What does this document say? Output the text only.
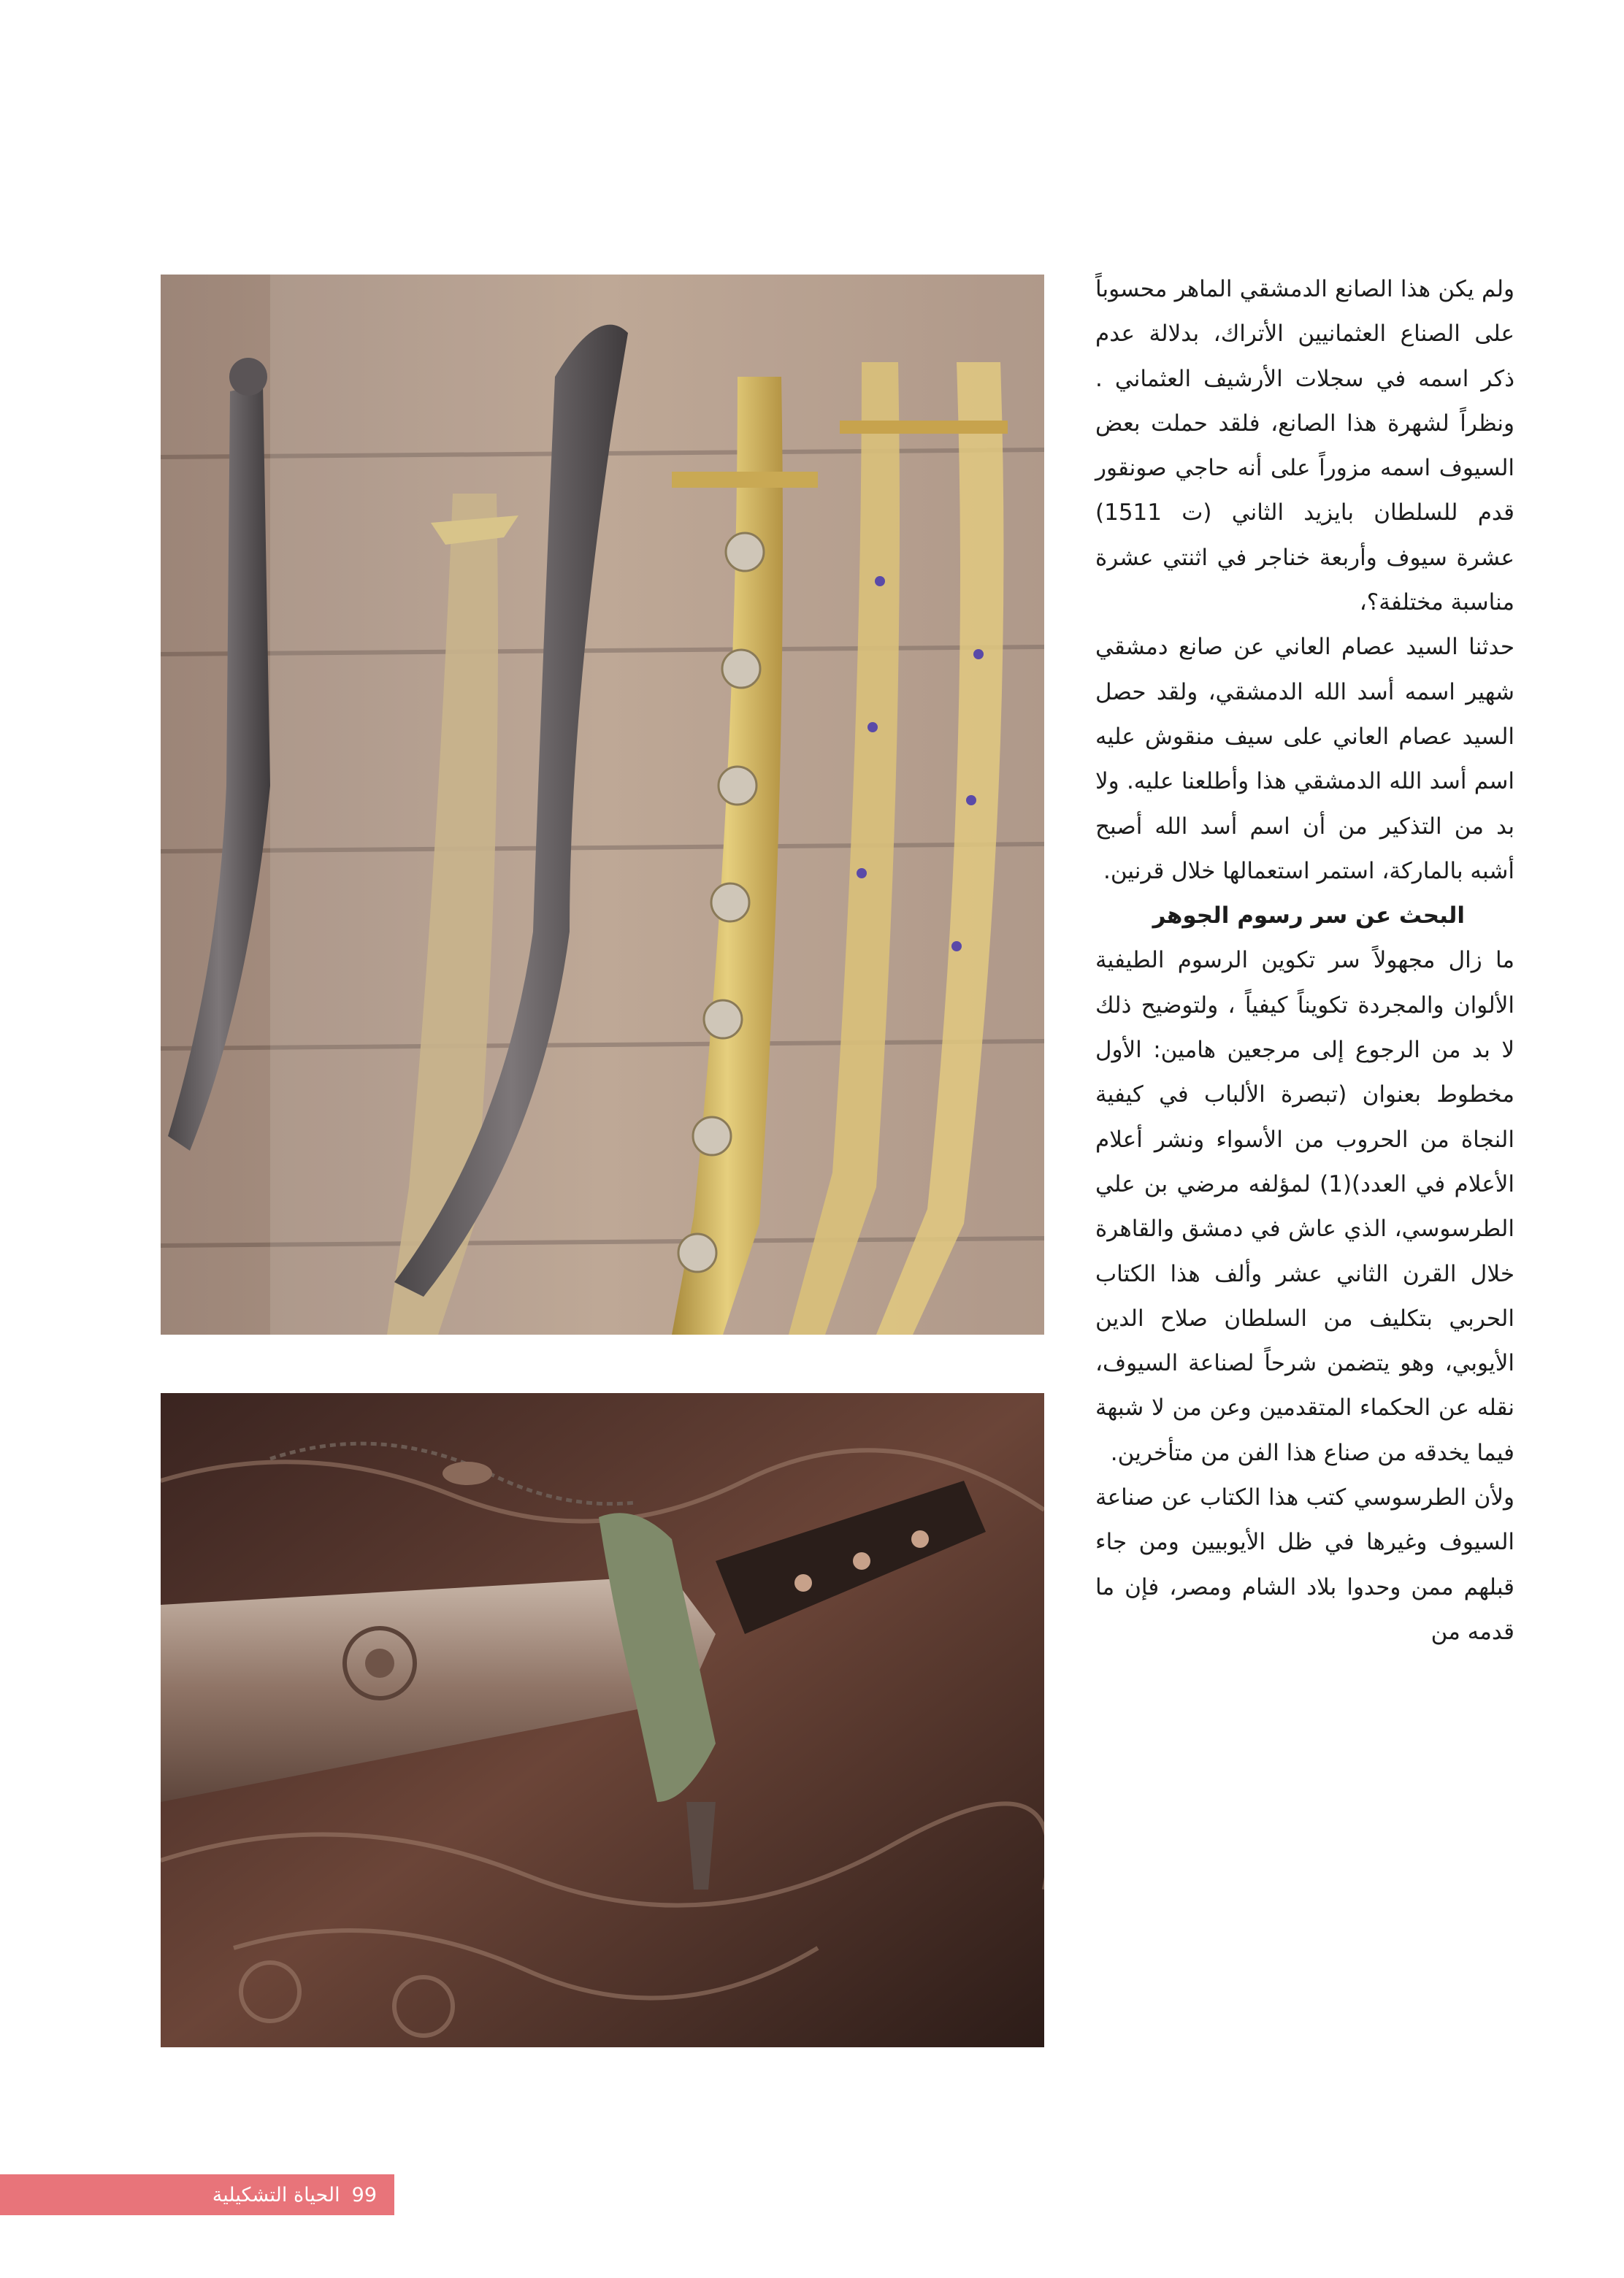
ولم يكن هذا الصانع الدمشقي الماهر محسوباً على الصناع العثمانيين الأتراك، بدلالة عدم ذكر اسمه في سجلات الأرشيف العثماني . ونظراً لشهرة هذا الصانع، فلقد حملت بعض السيوف اسمه مزوراً على أنه حاجي صونقور قدم للسلطان بايزيد الثاني (ت 1511) عشرة سيوف وأربعة خناجر في اثنتي عشرة مناسبة مختلفة؟،

حدثنا السيد عصام العاني عن صانع دمشقي شهير اسمه أسد الله الدمشقي، ولقد حصل السيد عصام العاني على سيف منقوش عليه اسم أسد الله الدمشقي هذا وأطلعنا عليه. ولا بد من التذكير من أن اسم أسد الله أصبح أشبه بالماركة، استمر استعمالها خلال قرنين.

البحث عن سر رسوم الجوهر

ما زال مجهولاً سر تكوين الرسوم الطيفية الألوان والمجردة تكويناً كيفياً ، ولتوضيح ذلك لا بد من الرجوع إلى مرجعين هامين: الأول مخطوط بعنوان (تبصرة الألباب في كيفية النجاة من الحروب من الأسواء ونشر أعلام الأعلام في العدد)(1) لمؤلفه مرضي بن علي الطرسوسي، الذي عاش في دمشق والقاهرة خلال القرن الثاني عشر وألف هذا الكتاب الحربي بتكليف من السلطان صلاح الدين الأيوبي، وهو يتضمن شرحاً لصناعة السيوف، نقله عن الحكماء المتقدمين وعن من لا شبهة فيما يخدقه من صناع هذا الفن من متأخرين.

ولأن الطرسوسي كتب هذا الكتاب عن صناعة السيوف وغيرها في ظل الأيوبيين ومن جاء قبلهم ممن وحدوا بلاد الشام ومصر، فإن ما قدمه من

الحياة التشكيلية 99
